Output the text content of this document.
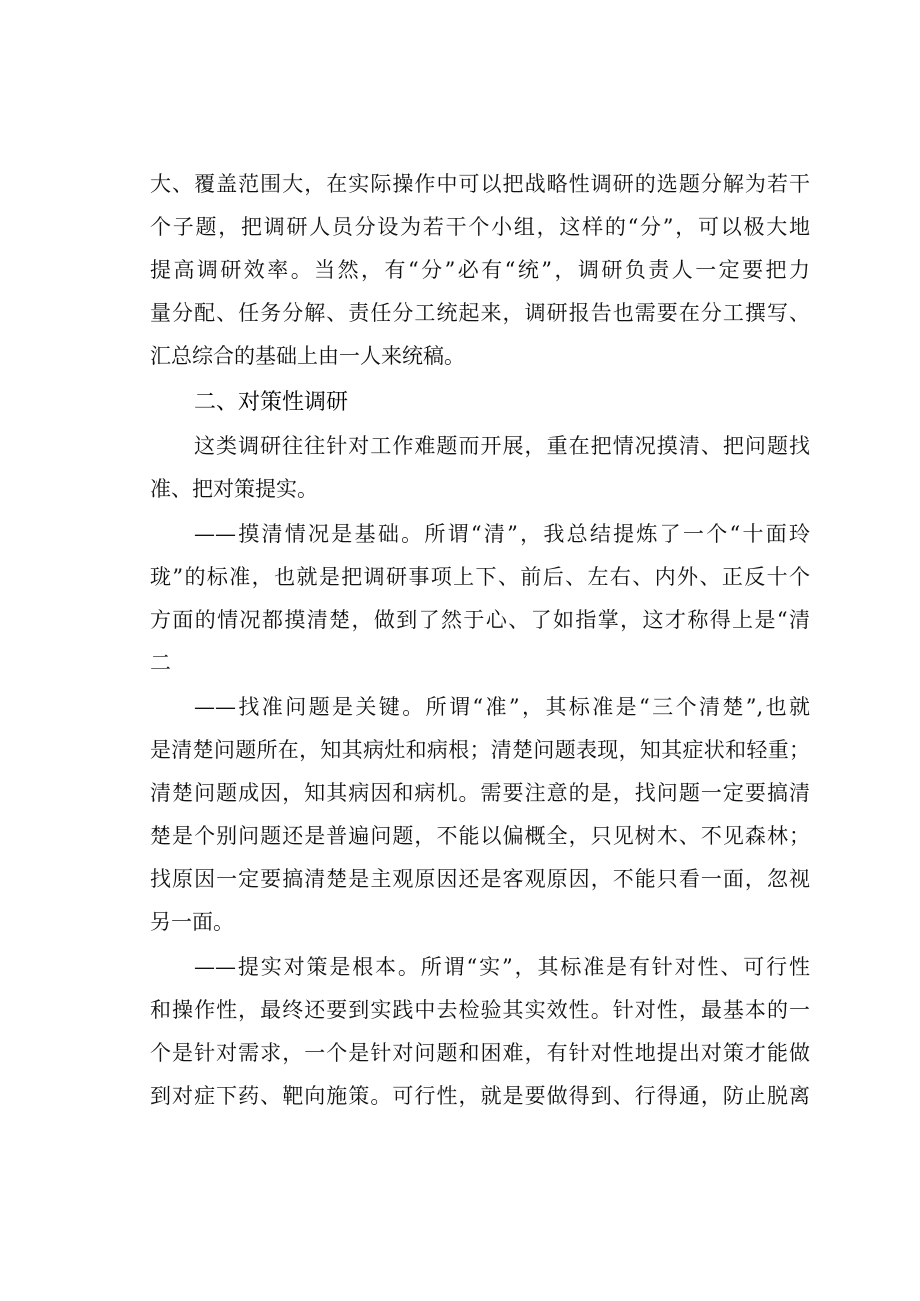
大、覆盖范围大，在实际操作中可以把战略性调研的选题分解为若干
个子题，把调研人员分设为若干个小组，这样的“分”，可以极大地
提高调研效率。当然，有“分”必有“统”，调研负责人一定要把力
量分配、任务分解、责任分工统起来，调研报告也需要在分工撰写、
汇总综合的基础上由一人来统稿。
二、对策性调研
这类调研往往针对工作难题而开展，重在把情况摸清、把问题找
准、把对策提实。
——摸清情况是基础。所谓“清”，我总结提炼了一个“十面玲
珑”的标准，也就是把调研事项上下、前后、左右、内外、正反十个
方面的情况都摸清楚，做到了然于心、了如指掌，这才称得上是“清
二
——找准问题是关键。所谓“准”，其标准是“三个清楚”,也就
是清楚问题所在，知其病灶和病根；清楚问题表现，知其症状和轻重；
清楚问题成因，知其病因和病机。需要注意的是，找问题一定要搞清
楚是个别问题还是普遍问题，不能以偏概全，只见树木、不见森林；
找原因一定要搞清楚是主观原因还是客观原因，不能只看一面，忽视
另一面。
——提实对策是根本。所谓“实”，其标准是有针对性、可行性
和操作性，最终还要到实践中去检验其实效性。针对性，最基本的一
个是针对需求，一个是针对问题和困难，有针对性地提出对策才能做
到对症下药、靶向施策。可行性，就是要做得到、行得通，防止脱离
